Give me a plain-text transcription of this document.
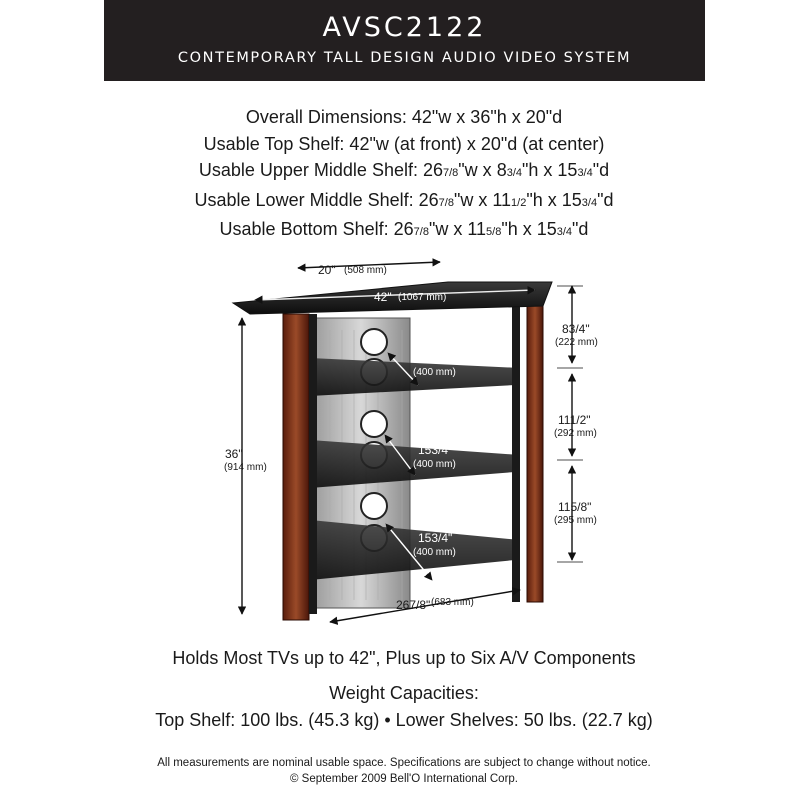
AVSC2122
CONTEMPORARY TALL DESIGN AUDIO VIDEO SYSTEM
Overall Dimensions: 42"w x 36"h x 20"d
Usable Top Shelf: 42"w (at front) x 20"d (at center)
Usable Upper Middle Shelf: 267/8"w x 83/4"h x 153/4"d
Usable Lower Middle Shelf: 267/8"w x 111/2"h x 153/4"d
Usable Bottom Shelf: 267/8"w x 115/8"h x 153/4"d
20" (508 mm)
42" (1067 mm)
36"
(914 mm)
83/4"
(222 mm)
111/2"
(292 mm)
115/8"
(295 mm)
153/4"
(400 mm)
153/4"
(400 mm)
153/4"
(400 mm)
267/8" (683 mm)
Holds Most TVs up to 42", Plus up to Six A/V Components
Weight Capacities:
Top Shelf: 100 lbs. (45.3 kg) • Lower Shelves: 50 lbs. (22.7 kg)
All measurements are nominal usable space. Specifications are subject to change without notice.
© September 2009 Bell'O International Corp.
